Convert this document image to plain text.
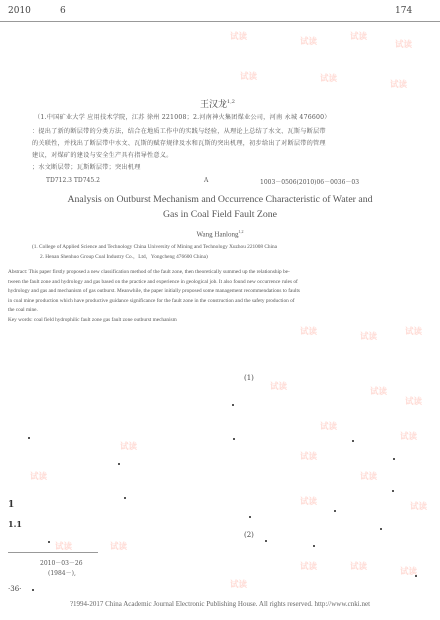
2010	6	174
王汉龙$^{1,2}$
（1.中国矿业大学 应用技术学院，江苏 徐州 221008；2.河南神火集团煤业公司，河南 永城 476600）
：提出了新的断层带的分类方法，结合在地质工作中的实践与经验，从理论上总结了水文、瓦斯与断层带
的关联性，并找出了断层带中水文、瓦斯的赋存规律及水和瓦斯的突出机理，初步给出了对断层带的管理
建议，对煤矿的建设与安全生产具有指导性意义。
；水文断层带；瓦斯断层带；突出机理
TD712.3 TD745.2	A	1003－0506(2010)06－0036－03
Analysis on Outburst Mechanism and Occurrence Characteristic of Water and
Gas in Coal Field Fault Zone
Wang Hanlong$^{1,2}$
(1. College of Applied Science and Technology China University of Mining and Technology Xuzhou 221008 China
2. Henan Shenhuo Group Coal Industry Co.，Ltd，Yongcheng 476600 China)
Abstract: This paper firstly proposed a new classification method of the fault zone, then theoretically summed up the relationship be-
tween the fault zone and hydrology and gas based on the practice and experience in geological job. It also found new occurrence rules of
hydrology and gas and mechanism of gas outburst. Meanwhile, the paper initially proposed some management recommendations to faults
in coal mine production which have productive guidance significance for the fault zone in the construction and the safety production of
the coal mine.
Key words: coal field hydrophilic fault zone gas fault zone outburst mechanism
(1)
(2)
1
1.1
2010－03－26
(1984－),
·36·
?1994-2017 China Academic Journal Electronic Publishing House. All rights reserved. http://www.cnki.net
试读	试读	试读
试读
试读	试读
试读
试读	试读	试读
试读	试读
试读
试读
试读
试读
试读
试读	试读
试读	试读	试读
试读
试读
试读
试读
试读
